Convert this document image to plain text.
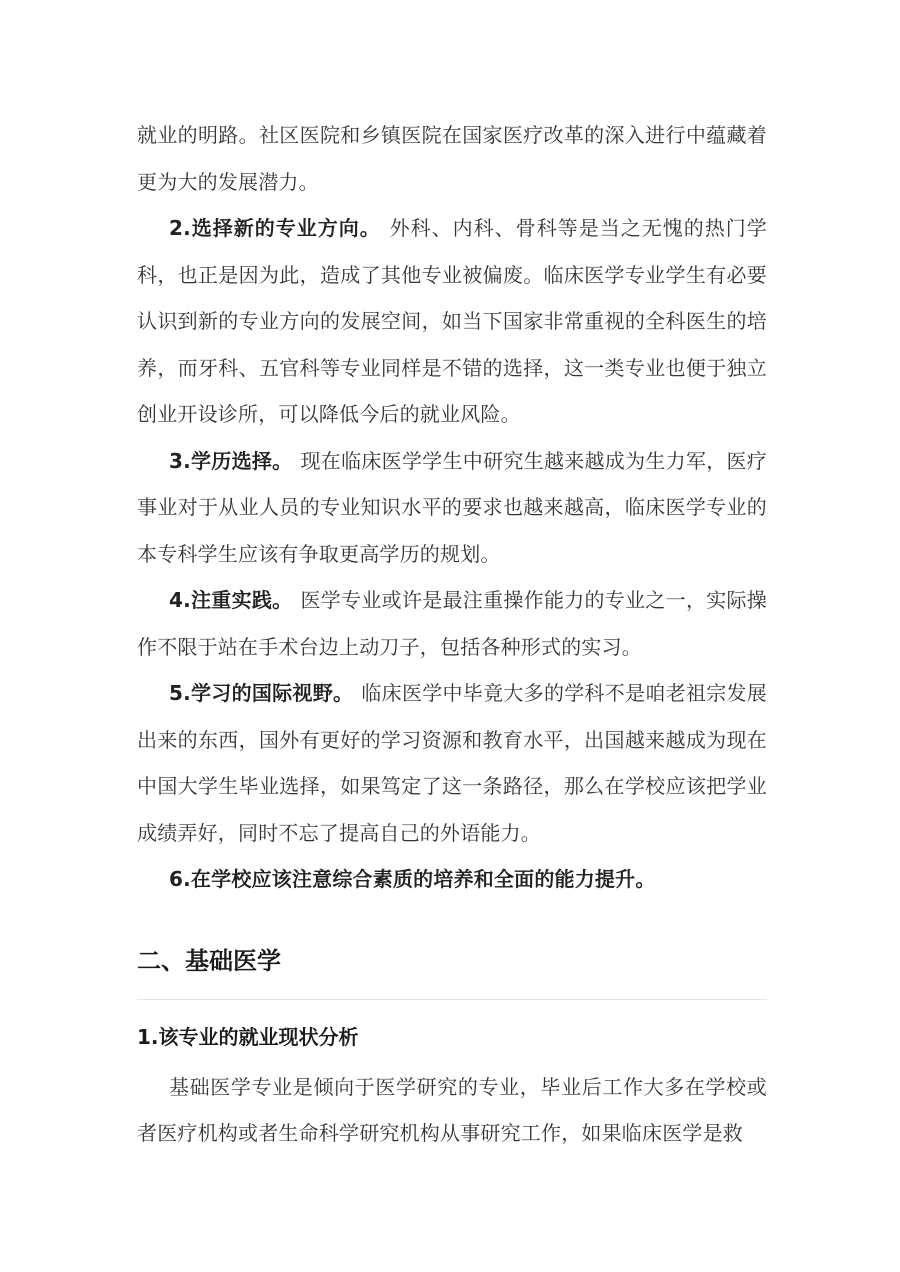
就业的明路。社区医院和乡镇医院在国家医疗改革的深入进行中蕴藏着更为大的发展潜力。

2.选择新的专业方向。 外科、内科、骨科等是当之无愧的热门学科，也正是因为此，造成了其他专业被偏废。临床医学专业学生有必要认识到新的专业方向的发展空间，如当下国家非常重视的全科医生的培养，而牙科、五官科等专业同样是不错的选择，这一类专业也便于独立创业开设诊所，可以降低今后的就业风险。

3.学历选择。 现在临床医学学生中研究生越来越成为生力军，医疗事业对于从业人员的专业知识水平的要求也越来越高，临床医学专业的本专科学生应该有争取更高学历的规划。

4.注重实践。 医学专业或许是最注重操作能力的专业之一，实际操作不限于站在手术台边上动刀子，包括各种形式的实习。

5.学习的国际视野。 临床医学中毕竟大多的学科不是咱老祖宗发展出来的东西，国外有更好的学习资源和教育水平，出国越来越成为现在中国大学生毕业选择，如果笃定了这一条路径，那么在学校应该把学业成绩弄好，同时不忘了提高自己的外语能力。

6.在学校应该注意综合素质的培养和全面的能力提升。

二、基础医学
1.该专业的就业现状分析

基础医学专业是倾向于医学研究的专业，毕业后工作大多在学校或者医疗机构或者生命科学研究机构从事研究工作，如果临床医学是救
